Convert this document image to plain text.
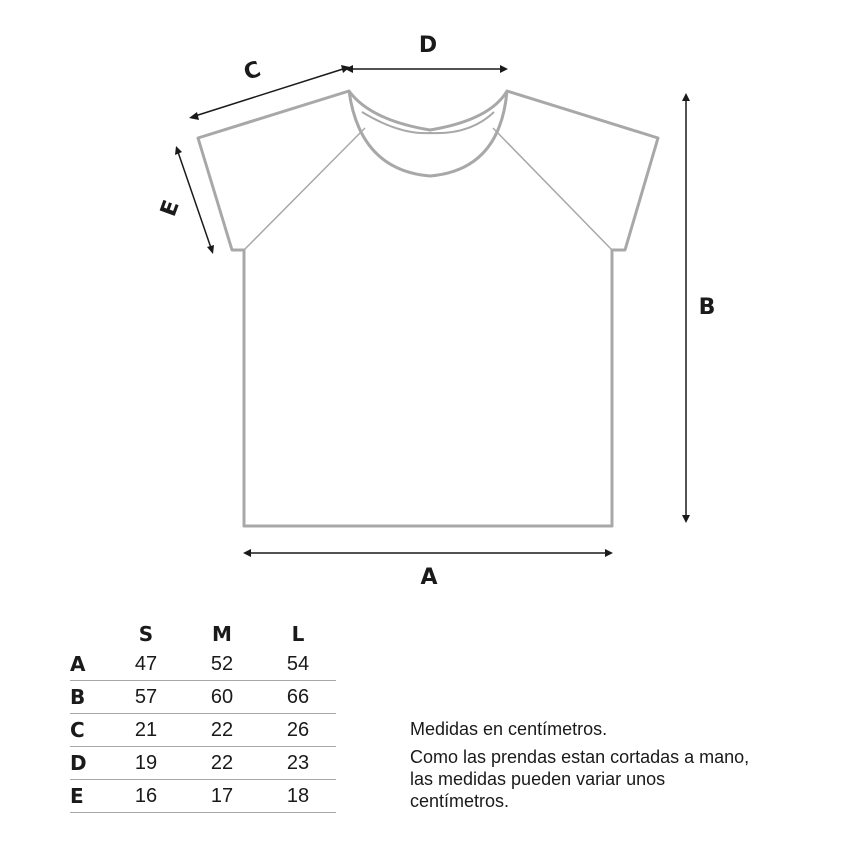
A
B
C
D
E
	S	M	L
A	47	52	54
B	57	60	66
C	21	22	26
D	19	22	23
E	16	17	18

Medidas en centímetros.

Como las prendas estan cortadas a mano, las medidas pueden variar unos centímetros.
